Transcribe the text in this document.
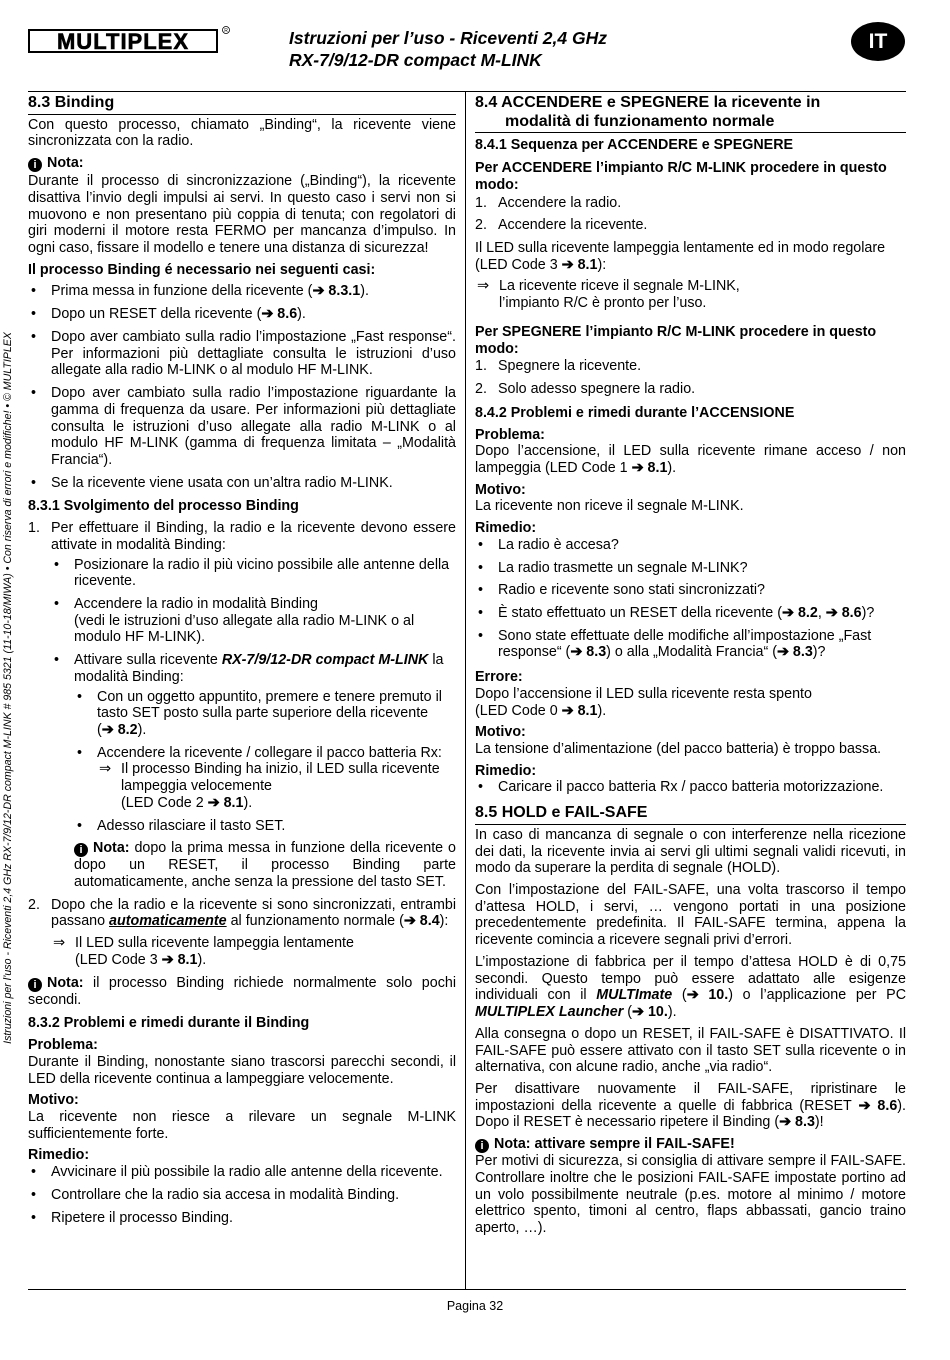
MULTIPLEX	R	Istruzioni per l’uso - Riceventi 2,4 GHz
RX-7/9/12-DR compact M-LINK
IT
Istruzioni per l’uso - Riceventi 2,4 GHz RX-7/9/12-DR compact M-LINK # 985 5321 (11-10-18/MIWA) • Con riserva di errori e modifiche! • © MULTIPLEX
Pagina 32
8.3 Binding

Con questo processo, chiamato „Binding“, la ricevente viene sincronizzata con la radio.

i Nota:

Durante il processo di sincronizzazione („Binding“), la ricevente disattiva l’invio degli impulsi ai servi. In questo caso i servi non si muovono e non presentano più coppia di tenuta; con regolatori di giri moderni il motore resta FERMO per mancanza d’impulso. In ogni caso, fissare il modello e tenere una distanza di sicurezza!

Il processo Binding é necessario nei seguenti casi:

• Prima messa in funzione della ricevente (➔ 8.3.1).
• Dopo un RESET della ricevente (➔ 8.6).
• Dopo aver cambiato sulla radio l’impostazione „Fast response“. Per informazioni più dettagliate consulta le istruzioni d’uso allegate alla radio M-LINK o al modulo HF M-LINK.
• Dopo aver cambiato sulla radio l’impostazione riguardante la gamma di frequenza da usare. Per informazioni più dettagliate consulta le istruzioni d’uso allegate alla radio M-LINK o al modulo HF M-LINK (gamma di frequenza limitata – „Modalità Francia“).
• Se la ricevente viene usata con un’altra radio M-LINK.
8.3.1 Svolgimento del processo Binding
1. Per effettuare il Binding, la radio e la ricevente devono essere attivate in modalità Binding:
• Posizionare la radio il più vicino possibile alle antenne della ricevente.
• Accendere la radio in modalità Binding
(vedi le istruzioni d’uso allegate alla radio M-LINK o al modulo HF M-LINK).
• Attivare sulla ricevente RX-7/9/12-DR compact M-LINK la modalità Binding:
• Con un oggetto appuntito, premere e tenere premuto il tasto SET posto sulla parte superiore della ricevente
(➔ 8.2).
• Accendere la ricevente / collegare il pacco batteria Rx:
⇒ Il processo Binding ha inizio, il LED sulla ricevente lampeggia velocemente
(LED Code 2 ➔ 8.1).
• Adesso rilasciare il tasto SET.

i Nota: dopo la prima messa in funzione della ricevente o dopo un RESET, il processo Binding parte automaticamente, anche senza la pressione del tasto SET.

2. Dopo che la radio e la ricevente si sono sincronizzati, entrambi passano automaticamente al funzionamento normale (➔ 8.4):
⇒ Il LED sulla ricevente lampeggia lentamente
(LED Code 3 ➔ 8.1).

i Nota: il processo Binding richiede normalmente solo pochi secondi.

8.3.2 Problemi e rimedi durante il Binding
Problema:

Durante il Binding, nonostante siano trascorsi parecchi secondi, il LED della ricevente continua a lampeggiare velocemente.

Motivo:

La ricevente non riesce a rilevare un segnale M-LINK sufficientemente forte.

Rimedio:
• Avvicinare il più possibile la radio alle antenne della ricevente.
• Controllare che la radio sia accesa in modalità Binding.
• Ripetere il processo Binding.
8.4 ACCENDERE e SPEGNERE la ricevente in
modalità di funzionamento normale
8.4.1 Sequenza per ACCENDERE e SPEGNERE

Per ACCENDERE l’impianto R/C M-LINK procedere in questo modo:

1. Accendere la radio.
2. Accendere la ricevente.

Il LED sulla ricevente lampeggia lentamente ed in modo regolare (LED Code 3 ➔ 8.1):

⇒ La ricevente riceve il segnale M-LINK,
l’impianto R/C è pronto per l’uso.

Per SPEGNERE l’impianto R/C M-LINK procedere in questo modo:

1. Spegnere la ricevente.
2. Solo adesso spegnere la radio.
8.4.2 Problemi e rimedi durante l’ACCENSIONE
Problema:

Dopo l’accensione, il LED sulla ricevente rimane acceso / non lampeggia (LED Code 1 ➔ 8.1).

Motivo:

La ricevente non riceve il segnale M-LINK.

Rimedio:
• La radio è accesa?
• La radio trasmette un segnale M-LINK?
• Radio e ricevente sono stati sincronizzati?
• È stato effettuato un RESET della ricevente (➔ 8.2, ➔ 8.6)?
• Sono state effettuate delle modifiche all’impostazione „Fast response“ (➔ 8.3) o alla „Modalità Francia“ (➔ 8.3)?
Errore:

Dopo l’accensione il LED sulla ricevente resta spento
(LED Code 0 ➔ 8.1).

Motivo:

La tensione d’alimentazione (del pacco batteria) è troppo bassa.

Rimedio:
• Caricare il pacco batteria Rx / pacco batteria motorizzazione.
8.5 HOLD e FAIL-SAFE

In caso di mancanza di segnale o con interferenze nella ricezione dei dati, la ricevente invia ai servi gli ultimi segnali validi ricevuti, in modo da superare la perdita di segnale (HOLD).

Con l’impostazione del FAIL-SAFE, una volta trascorso il tempo d’attesa HOLD, i servi, … vengono portati in una posizione precedentemente predefinita. Il FAIL-SAFE termina, appena la ricevente comincia a ricevere segnali privi d’errori.

L’impostazione di fabbrica per il tempo d’attesa HOLD è di 0,75 secondi. Questo tempo può essere adattato alle esigenze individuali con il MULTImate (➔ 10.) o l’applicazione per PC MULTIPLEX Launcher (➔ 10.).

Alla consegna o dopo un RESET, il FAIL-SAFE è DISATTIVATO. Il FAIL-SAFE può essere attivato con il tasto SET sulla ricevente o in alternativa, con alcune radio, anche „via radio“.

Per disattivare nuovamente il FAIL-SAFE, ripristinare le impostazioni della ricevente a quelle di fabbrica (RESET ➔ 8.6). Dopo il RESET è necessario ripetere il Binding (➔ 8.3)!

i Nota: attivare sempre il FAIL-SAFE!

Per motivi di sicurezza, si consiglia di attivare sempre il FAIL-SAFE. Controllare inoltre che le posizioni FAIL-SAFE impostate portino ad un volo possibilmente neutrale (p.es. motore al minimo / motore elettrico spento, timoni al centro, flaps abbassati, gancio traino aperto, …).
